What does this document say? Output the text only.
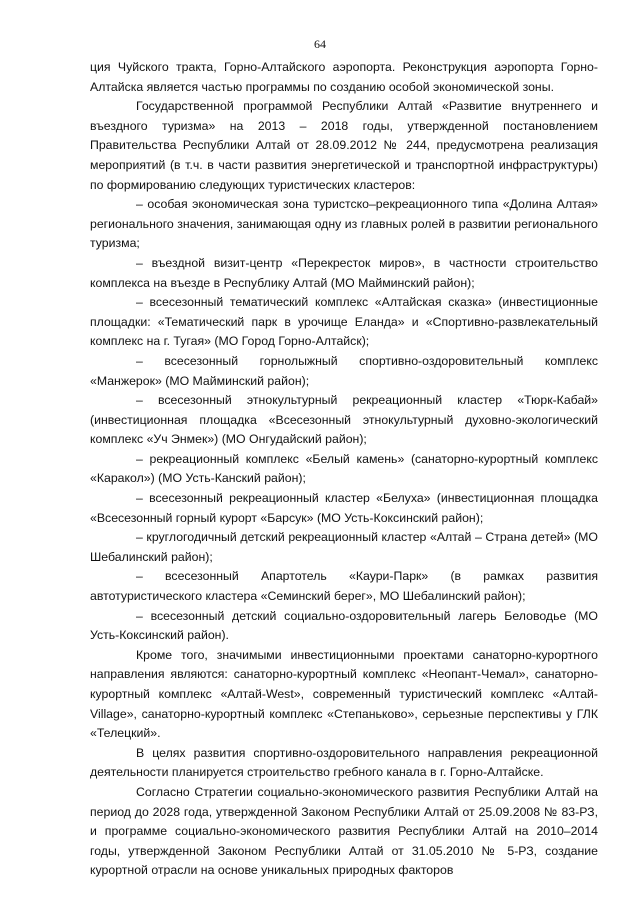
64

ция Чуйского тракта, Горно-Алтайского аэропорта. Реконструкция аэропорта Горно-Алтайска является частью программы по созданию особой экономической зоны.

Государственной программой Республики Алтай «Развитие внутреннего и въездного туризма» на 2013 – 2018 годы, утвержденной постановлением Правительства Республики Алтай от 28.09.2012 № 244, предусмотрена реализация мероприятий (в т.ч. в части развития энергетической и транспортной инфраструктуры) по формированию следующих туристических кластеров:

– особая экономическая зона туристско–рекреационного типа «Долина Алтая» регионального значения, занимающая одну из главных ролей в развитии регионального туризма;

– въездной визит-центр «Перекресток миров», в частности строительство комплекса на въезде в Республику Алтай (МО Майминский район);

– всесезонный тематический комплекс «Алтайская сказка» (инвестиционные площадки: «Тематический парк в урочище Еланда» и «Спортивно-развлекательный комплекс на г. Тугая» (МО Город Горно-Алтайск);

– всесезонный горнолыжный спортивно-оздоровительный комплекс «Манжерок» (МО Майминский район);

– всесезонный этнокультурный рекреационный кластер «Тюрк-Кабай» (инвестиционная площадка «Всесезонный этнокультурный духовно-экологический комплекс «Уч Энмек») (МО Онгудайский район);

– рекреационный комплекс «Белый камень» (санаторно-курортный комплекс «Каракол») (МО Усть-Канский район);

– всесезонный рекреационный кластер «Белуха» (инвестиционная площадка «Всесезонный горный курорт «Барсук» (МО Усть-Коксинский район);

– круглогодичный детский рекреационный кластер «Алтай – Страна детей» (МО Шебалинский район);

– всесезонный Апартотель «Каури-Парк» (в рамках развития автотуристического кластера «Семинский берег», МО Шебалинский район);

– всесезонный детский социально-оздоровительный лагерь Беловодье (МО Усть-Коксинский район).

Кроме того, значимыми инвестиционными проектами санаторно-курортного направления являются: санаторно-курортный комплекс «Неопант-Чемал», санаторно-курортный комплекс «Алтай-West», современный туристический комплекс «Алтай-Village», санаторно-курортный комплекс «Степаньково», серьезные перспективы у ГЛК «Телецкий».

В целях развития спортивно-оздоровительного направления рекреационной деятельности планируется строительство гребного канала в г. Горно-Алтайске.

Согласно Стратегии социально-экономического развития Республики Алтай на период до 2028 года, утвержденной Законом Республики Алтай от 25.09.2008 № 83-РЗ, и программе социально-экономического развития Республики Алтай на 2010–2014 годы, утвержденной Законом Республики Алтай от 31.05.2010 № 5-РЗ, создание курортной отрасли на основе уникальных природных факторов
